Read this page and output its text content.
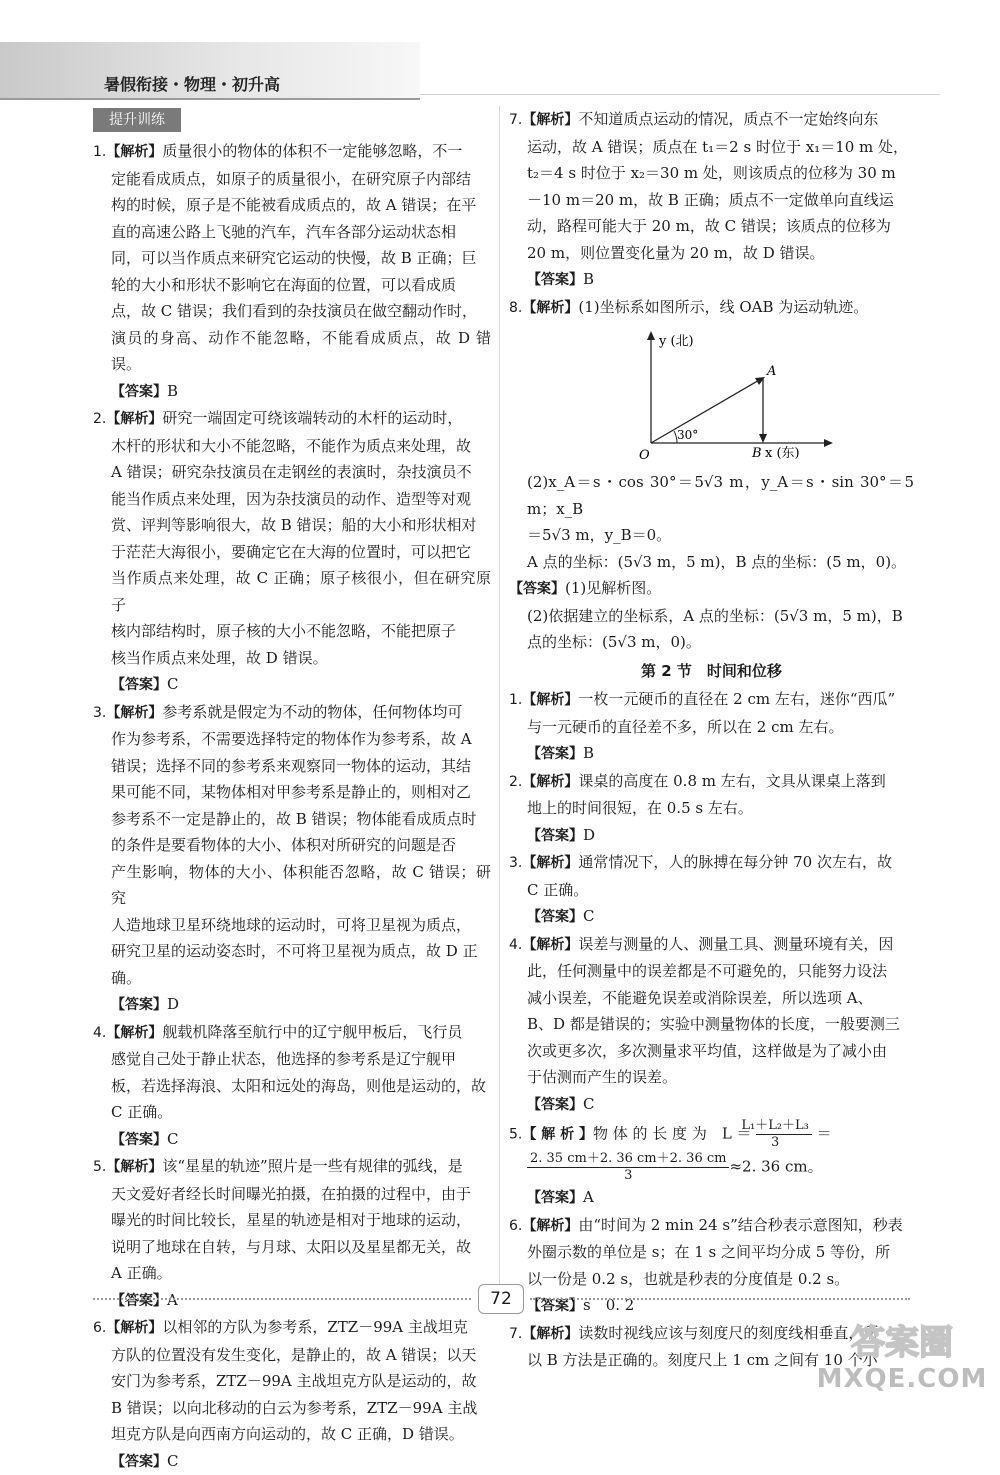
暑假衔接・物理・初升高
提升训练

1.【解析】质量很小的物体的体积不一定能够忽略，不一

定能看成质点，如原子的质量很小，在研究原子内部结

构的时候，原子是不能被看成质点的，故 A 错误；在平

直的高速公路上飞驰的汽车，汽车各部分运动状态相

同，可以当作质点来研究它运动的快慢，故 B 正确；巨

轮的大小和形状不影响它在海面的位置，可以看成质

点，故 C 错误；我们看到的杂技演员在做空翻动作时，

演员的身高、动作不能忽略，不能看成质点，故 D 错误。

【答案】B

2.【解析】研究一端固定可绕该端转动的木杆的运动时，

木杆的形状和大小不能忽略，不能作为质点来处理，故

A 错误；研究杂技演员在走钢丝的表演时，杂技演员不

能当作质点来处理，因为杂技演员的动作、造型等对观

赏、评判等影响很大，故 B 错误；船的大小和形状相对

于茫茫大海很小，要确定它在大海的位置时，可以把它

当作质点来处理，故 C 正确；原子核很小，但在研究原子

核内部结构时，原子核的大小不能忽略，不能把原子

核当作质点来处理，故 D 错误。

【答案】C

3.【解析】参考系就是假定为不动的物体，任何物体均可

作为参考系，不需要选择特定的物体作为参考系，故 A

错误；选择不同的参考系来观察同一物体的运动，其结

果可能不同，某物体相对甲参考系是静止的，则相对乙

参考系不一定是静止的，故 B 错误；物体能看成质点时

的条件是要看物体的大小、体积对所研究的问题是否

产生影响，物体的大小、体积能否忽略，故 C 错误；研究

人造地球卫星环绕地球的运动时，可将卫星视为质点，

研究卫星的运动姿态时，不可将卫星视为质点，故 D 正

确。

【答案】D

4.【解析】舰载机降落至航行中的辽宁舰甲板后，飞行员

感觉自己处于静止状态，他选择的参考系是辽宁舰甲

板，若选择海浪、太阳和远处的海岛，则他是运动的，故

C 正确。

【答案】C

5.【解析】该“星星的轨迹”照片是一些有规律的弧线，是

天文爱好者经长时间曝光拍摄，在拍摄的过程中，由于

曝光的时间比较长，星星的轨迹是相对于地球的运动，

说明了地球在自转，与月球、太阳以及星星都无关，故

A 正确。

【答案】A

6.【解析】以相邻的方队为参考系，ZTZ－99A 主战坦克

方队的位置没有发生变化，是静止的，故 A 错误；以天

安门为参考系，ZTZ－99A 主战坦克方队是运动的，故

B 错误；以向北移动的白云为参考系，ZTZ－99A 主战

坦克方队是向西南方向运动的，故 C 正确，D 错误。

【答案】C

7.【解析】不知道质点运动的情况，质点不一定始终向东

运动，故 A 错误；质点在 t₁＝2 s 时位于 x₁＝10 m 处，

t₂＝4 s 时位于 x₂＝30 m 处，则该质点的位移为 30 m

－10 m＝20 m，故 B 正确；质点不一定做单向直线运

动，路程可能大于 20 m，故 C 错误；该质点的位移为

20 m，则位置变化量为 20 m，故 D 错误。

【答案】B

8.【解析】(1)坐标系如图所示，线 OAB 为运动轨迹。

y (北)
x (东)
O
A
B
30°

(2)x_A＝s・cos 30°＝5√3 m，y_A＝s・sin 30°＝5 m；x_B

＝5√3 m，y_B＝0。

A 点的坐标：(5√3 m，5 m)，B 点的坐标：(5 m，0)。

【答案】(1)见解析图。

(2)依据建立的坐标系，A 点的坐标：(5√3 m，5 m)，B

点的坐标：(5√3 m，0)。

第 2 节　时间和位移

1.【解析】一枚一元硬币的直径在 2 cm 左右，迷你“西瓜”

与一元硬币的直径差不多，所以在 2 cm 左右。

【答案】B

2.【解析】课桌的高度在 0.8 m 左右，文具从课桌上落到

地上的时间很短，在 0.5 s 左右。

【答案】D

3.【解析】通常情况下，人的脉搏在每分钟 70 次左右，故

C 正确。

【答案】C

4.【解析】误差与测量的人、测量工具、测量环境有关，因

此，任何测量中的误差都是不可避免的，只能努力设法

减小误差，不能避免误差或消除误差，所以选项 A、

B、D 都是错误的；实验中测量物体的长度，一般要测三

次或更多次，多次测量求平均值，这样做是为了减小由

于估测而产生的误差。

【答案】C

5.【 解 析 】物 体 的 长 度 为　$L = \frac{\text{L₁＋L₂＋L₃}}{3}$ ＝

$\frac{2. 35 cm+2. 36 cm+2. 36 cm}{3} \approx 2$. 36 cm。

【答案】A

6.【解析】由“时间为 2 min 24 s”结合秒表示意图知，秒表

外圈示数的单位是 s；在 1 s 之间平均分成 5 等份，所

以一份是 0.2 s，也就是秒表的分度值是 0.2 s。

【答案】s　0. 2

7.【解析】读数时视线应该与刻度尺的刻度线相垂直，所

以 B 方法是正确的。刻度尺上 1 cm 之间有 10 个小

72
答案圈
MXQE.COM
